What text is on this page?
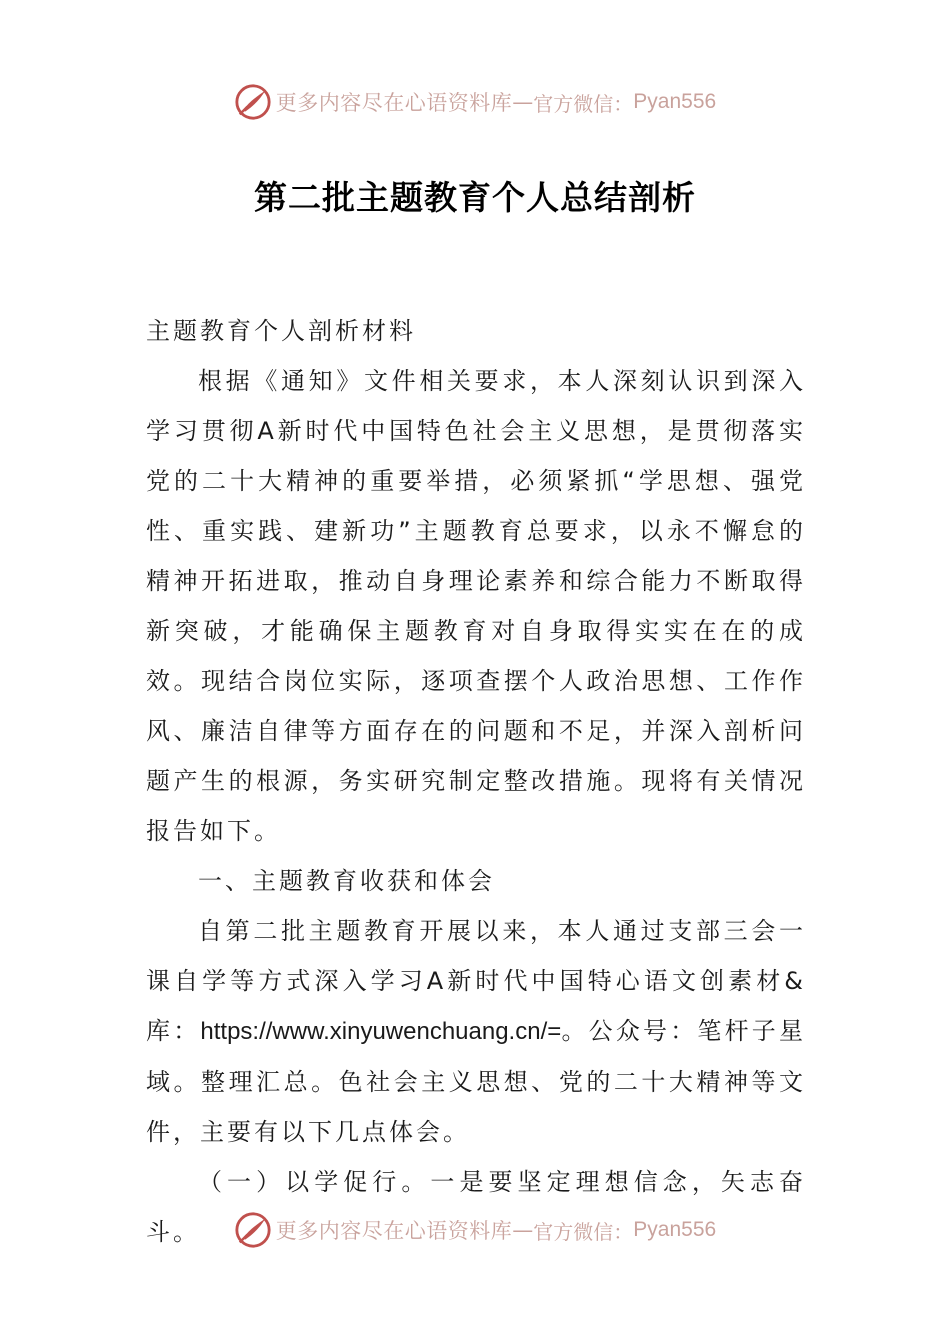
更多内容尽在心语资料库 — 官方微信： Pyan556
第二批主题教育个人总结剖析

主题教育个人剖析材料

根据《通知》文件相关要求，本人深刻认识到深入学习贯彻A新时代中国特色社会主义思想，是贯彻落实党的二十大精神的重要举措，必须紧抓“学思想、强党性、重实践、建新功”主题教育总要求，以永不懈怠的精神开拓进取，推动自身理论素养和综合能力不断取得新突破，才能确保主题教育对自身取得实实在在的成效。现结合岗位实际，逐项查摆个人政治思想、工作作风、廉洁自律等方面存在的问题和不足，并深入剖析问题产生的根源，务实研究制定整改措施。现将有关情况报告如下。

一、主题教育收获和体会

自第二批主题教育开展以来，本人通过支部三会一课自学等方式深入学习A新时代中国特心语文创素材&库：https://www.xinyuwenchuang.cn/=。公众号：笔杆子星域。整理汇总。色社会主义思想、党的二十大精神等文件，主要有以下几点体会。

（一）以学促行。一是要坚定理想信念，矢志奋斗。	更多内容尽在心语资料库 — 官方微信： Pyan556
